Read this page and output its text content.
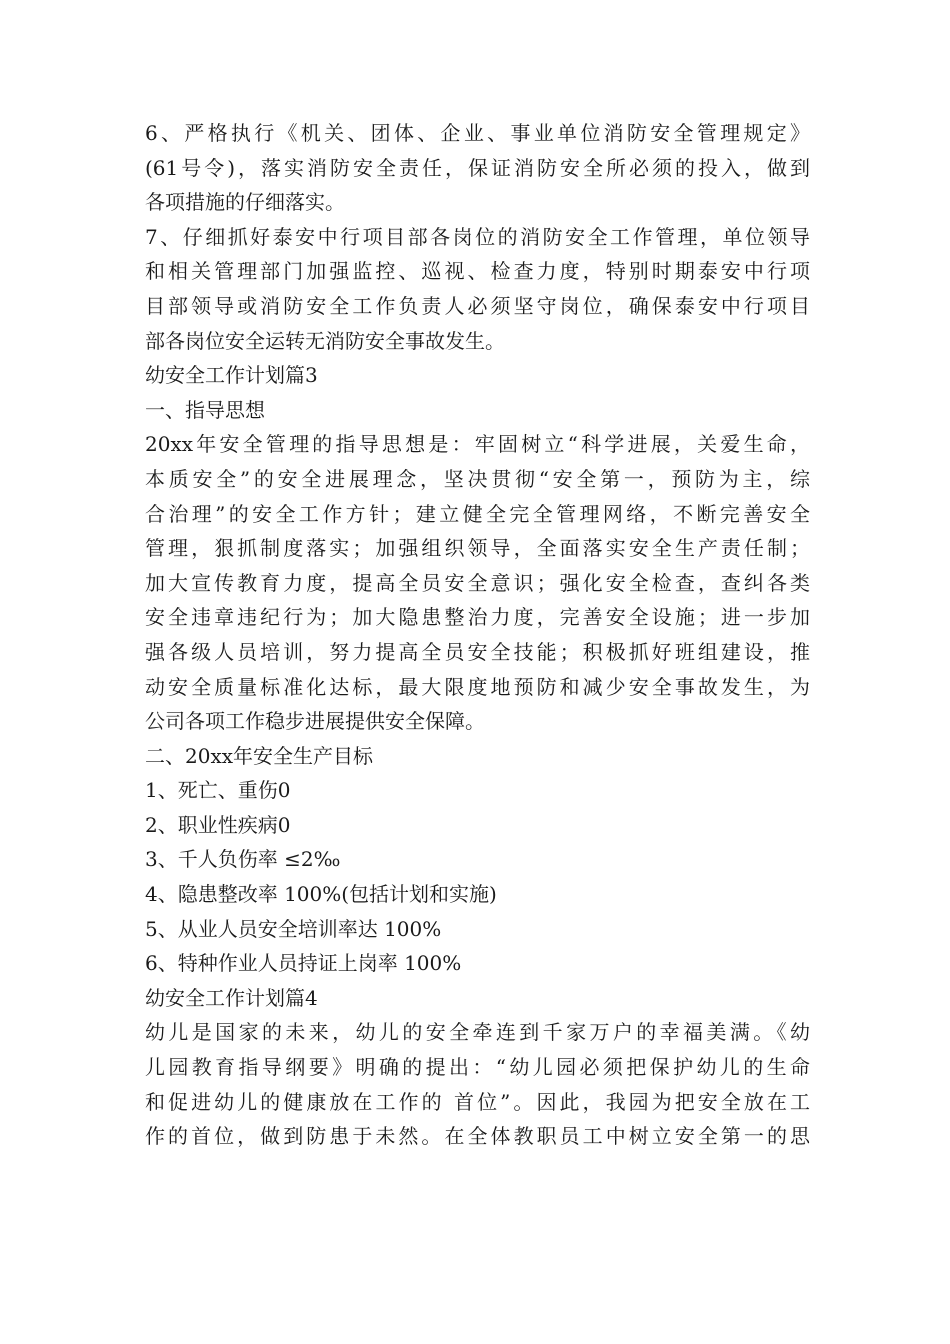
6、严格执行《机关、团体、企业、事业单位消防安全管理规定》
(61号令)，落实消防安全责任，保证消防安全所必须的投入，做到
各项措施的仔细落实。
7、仔细抓好泰安中行项目部各岗位的消防安全工作管理，单位领导
和相关管理部门加强监控、巡视、检查力度，特别时期泰安中行项
目部领导或消防安全工作负责人必须坚守岗位，确保泰安中行项目
部各岗位安全运转无消防安全事故发生。
幼安全工作计划篇3
一、指导思想
20xx年安全管理的指导思想是：牢固树立“科学进展，关爱生命，
本质安全”的安全进展理念，坚决贯彻“安全第一，预防为主，综
合治理”的安全工作方针；建立健全完全管理网络，不断完善安全
管理，狠抓制度落实；加强组织领导，全面落实安全生产责任制；
加大宣传教育力度，提高全员安全意识；强化安全检查，查纠各类
安全违章违纪行为；加大隐患整治力度，完善安全设施；进一步加
强各级人员培训，努力提高全员安全技能；积极抓好班组建设，推
动安全质量标准化达标，最大限度地预防和减少安全事故发生，为
公司各项工作稳步进展提供安全保障。
二、20xx年安全生产目标
1、死亡、重伤0
2、职业性疾病0
3、千人负伤率 ≤2‰
4、隐患整改率 100%(包括计划和实施)
5、从业人员安全培训率达 100%
6、特种作业人员持证上岗率 100%
幼安全工作计划篇4
幼儿是国家的未来，幼儿的安全牵连到千家万户的幸福美满。《幼
儿园教育指导纲要》明确的提出：“幼儿园必须把保护幼儿的生命
和促进幼儿的健康放在工作的 首位”。因此，我园为把安全放在工
作的首位，做到防患于未然。在全体教职员工中树立安全第一的思
